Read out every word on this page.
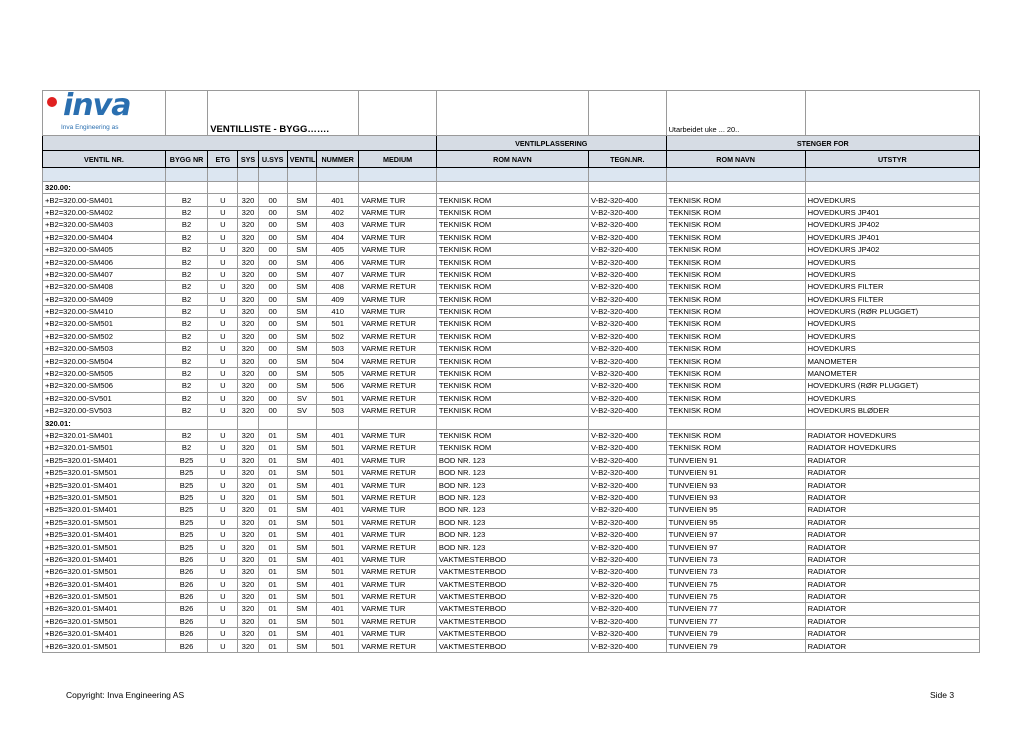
inva
Inva Engineering as		VENTILLISTE - BYGG…….								Utarbeidet uke ... 20..	
								VENTILPLASSERING		STENGER FOR	
VENTIL NR.	BYGG NR	ETG	SYS	U.SYS	VENTIL	NUMMER	MEDIUM	ROM NAVN	TEGN.NR.	ROM NAVN	UTSTYR

320.00:											
+B2=320.00-SM401	B2	U	320	00	SM	401	VARME TUR	TEKNISK ROM	V-B2-320-400	TEKNISK ROM	HOVEDKURS
+B2=320.00-SM402	B2	U	320	00	SM	402	VARME TUR	TEKNISK ROM	V-B2-320-400	TEKNISK ROM	HOVEDKURS JP401
+B2=320.00-SM403	B2	U	320	00	SM	403	VARME TUR	TEKNISK ROM	V-B2-320-400	TEKNISK ROM	HOVEDKURS JP402
+B2=320.00-SM404	B2	U	320	00	SM	404	VARME TUR	TEKNISK ROM	V-B2-320-400	TEKNISK ROM	HOVEDKURS JP401
+B2=320.00-SM405	B2	U	320	00	SM	405	VARME TUR	TEKNISK ROM	V-B2-320-400	TEKNISK ROM	HOVEDKURS JP402
+B2=320.00-SM406	B2	U	320	00	SM	406	VARME TUR	TEKNISK ROM	V-B2-320-400	TEKNISK ROM	HOVEDKURS
+B2=320.00-SM407	B2	U	320	00	SM	407	VARME TUR	TEKNISK ROM	V-B2-320-400	TEKNISK ROM	HOVEDKURS
+B2=320.00-SM408	B2	U	320	00	SM	408	VARME RETUR	TEKNISK ROM	V-B2-320-400	TEKNISK ROM	HOVEDKURS FILTER
+B2=320.00-SM409	B2	U	320	00	SM	409	VARME TUR	TEKNISK ROM	V-B2-320-400	TEKNISK ROM	HOVEDKURS FILTER
+B2=320.00-SM410	B2	U	320	00	SM	410	VARME TUR	TEKNISK ROM	V-B2-320-400	TEKNISK ROM	HOVEDKURS (RØR PLUGGET)
+B2=320.00-SM501	B2	U	320	00	SM	501	VARME RETUR	TEKNISK ROM	V-B2-320-400	TEKNISK ROM	HOVEDKURS
+B2=320.00-SM502	B2	U	320	00	SM	502	VARME RETUR	TEKNISK ROM	V-B2-320-400	TEKNISK ROM	HOVEDKURS
+B2=320.00-SM503	B2	U	320	00	SM	503	VARME RETUR	TEKNISK ROM	V-B2-320-400	TEKNISK ROM	HOVEDKURS
+B2=320.00-SM504	B2	U	320	00	SM	504	VARME RETUR	TEKNISK ROM	V-B2-320-400	TEKNISK ROM	MANOMETER
+B2=320.00-SM505	B2	U	320	00	SM	505	VARME RETUR	TEKNISK ROM	V-B2-320-400	TEKNISK ROM	MANOMETER
+B2=320.00-SM506	B2	U	320	00	SM	506	VARME RETUR	TEKNISK ROM	V-B2-320-400	TEKNISK ROM	HOVEDKURS (RØR PLUGGET)
+B2=320.00-SV501	B2	U	320	00	SV	501	VARME RETUR	TEKNISK ROM	V-B2-320-400	TEKNISK ROM	HOVEDKURS
+B2=320.00-SV503	B2	U	320	00	SV	503	VARME RETUR	TEKNISK ROM	V-B2-320-400	TEKNISK ROM	HOVEDKURS BLØDER
320.01:											
+B2=320.01-SM401	B2	U	320	01	SM	401	VARME TUR	TEKNISK ROM	V-B2-320-400	TEKNISK ROM	RADIATOR HOVEDKURS
+B2=320.01-SM501	B2	U	320	01	SM	501	VARME RETUR	TEKNISK ROM	V-B2-320-400	TEKNISK ROM	RADIATOR HOVEDKURS
+B25=320.01-SM401	B25	U	320	01	SM	401	VARME TUR	BOD NR. 123	V-B2-320-400	TUNVEIEN 91	RADIATOR
+B25=320.01-SM501	B25	U	320	01	SM	501	VARME RETUR	BOD NR. 123	V-B2-320-400	TUNVEIEN 91	RADIATOR
+B25=320.01-SM401	B25	U	320	01	SM	401	VARME TUR	BOD NR. 123	V-B2-320-400	TUNVEIEN 93	RADIATOR
+B25=320.01-SM501	B25	U	320	01	SM	501	VARME RETUR	BOD NR. 123	V-B2-320-400	TUNVEIEN 93	RADIATOR
+B25=320.01-SM401	B25	U	320	01	SM	401	VARME TUR	BOD NR. 123	V-B2-320-400	TUNVEIEN 95	RADIATOR
+B25=320.01-SM501	B25	U	320	01	SM	501	VARME RETUR	BOD NR. 123	V-B2-320-400	TUNVEIEN 95	RADIATOR
+B25=320.01-SM401	B25	U	320	01	SM	401	VARME TUR	BOD NR. 123	V-B2-320-400	TUNVEIEN 97	RADIATOR
+B25=320.01-SM501	B25	U	320	01	SM	501	VARME RETUR	BOD NR. 123	V-B2-320-400	TUNVEIEN 97	RADIATOR
+B26=320.01-SM401	B26	U	320	01	SM	401	VARME TUR	VAKTMESTERBOD	V-B2-320-400	TUNVEIEN 73	RADIATOR
+B26=320.01-SM501	B26	U	320	01	SM	501	VARME RETUR	VAKTMESTERBOD	V-B2-320-400	TUNVEIEN 73	RADIATOR
+B26=320.01-SM401	B26	U	320	01	SM	401	VARME TUR	VAKTMESTERBOD	V-B2-320-400	TUNVEIEN 75	RADIATOR
+B26=320.01-SM501	B26	U	320	01	SM	501	VARME RETUR	VAKTMESTERBOD	V-B2-320-400	TUNVEIEN 75	RADIATOR
+B26=320.01-SM401	B26	U	320	01	SM	401	VARME TUR	VAKTMESTERBOD	V-B2-320-400	TUNVEIEN 77	RADIATOR
+B26=320.01-SM501	B26	U	320	01	SM	501	VARME RETUR	VAKTMESTERBOD	V-B2-320-400	TUNVEIEN 77	RADIATOR
+B26=320.01-SM401	B26	U	320	01	SM	401	VARME TUR	VAKTMESTERBOD	V-B2-320-400	TUNVEIEN 79	RADIATOR
+B26=320.01-SM501	B26	U	320	01	SM	501	VARME RETUR	VAKTMESTERBOD	V-B2-320-400	TUNVEIEN 79	RADIATOR
Copyright: Inva Engineering AS	Side 3
